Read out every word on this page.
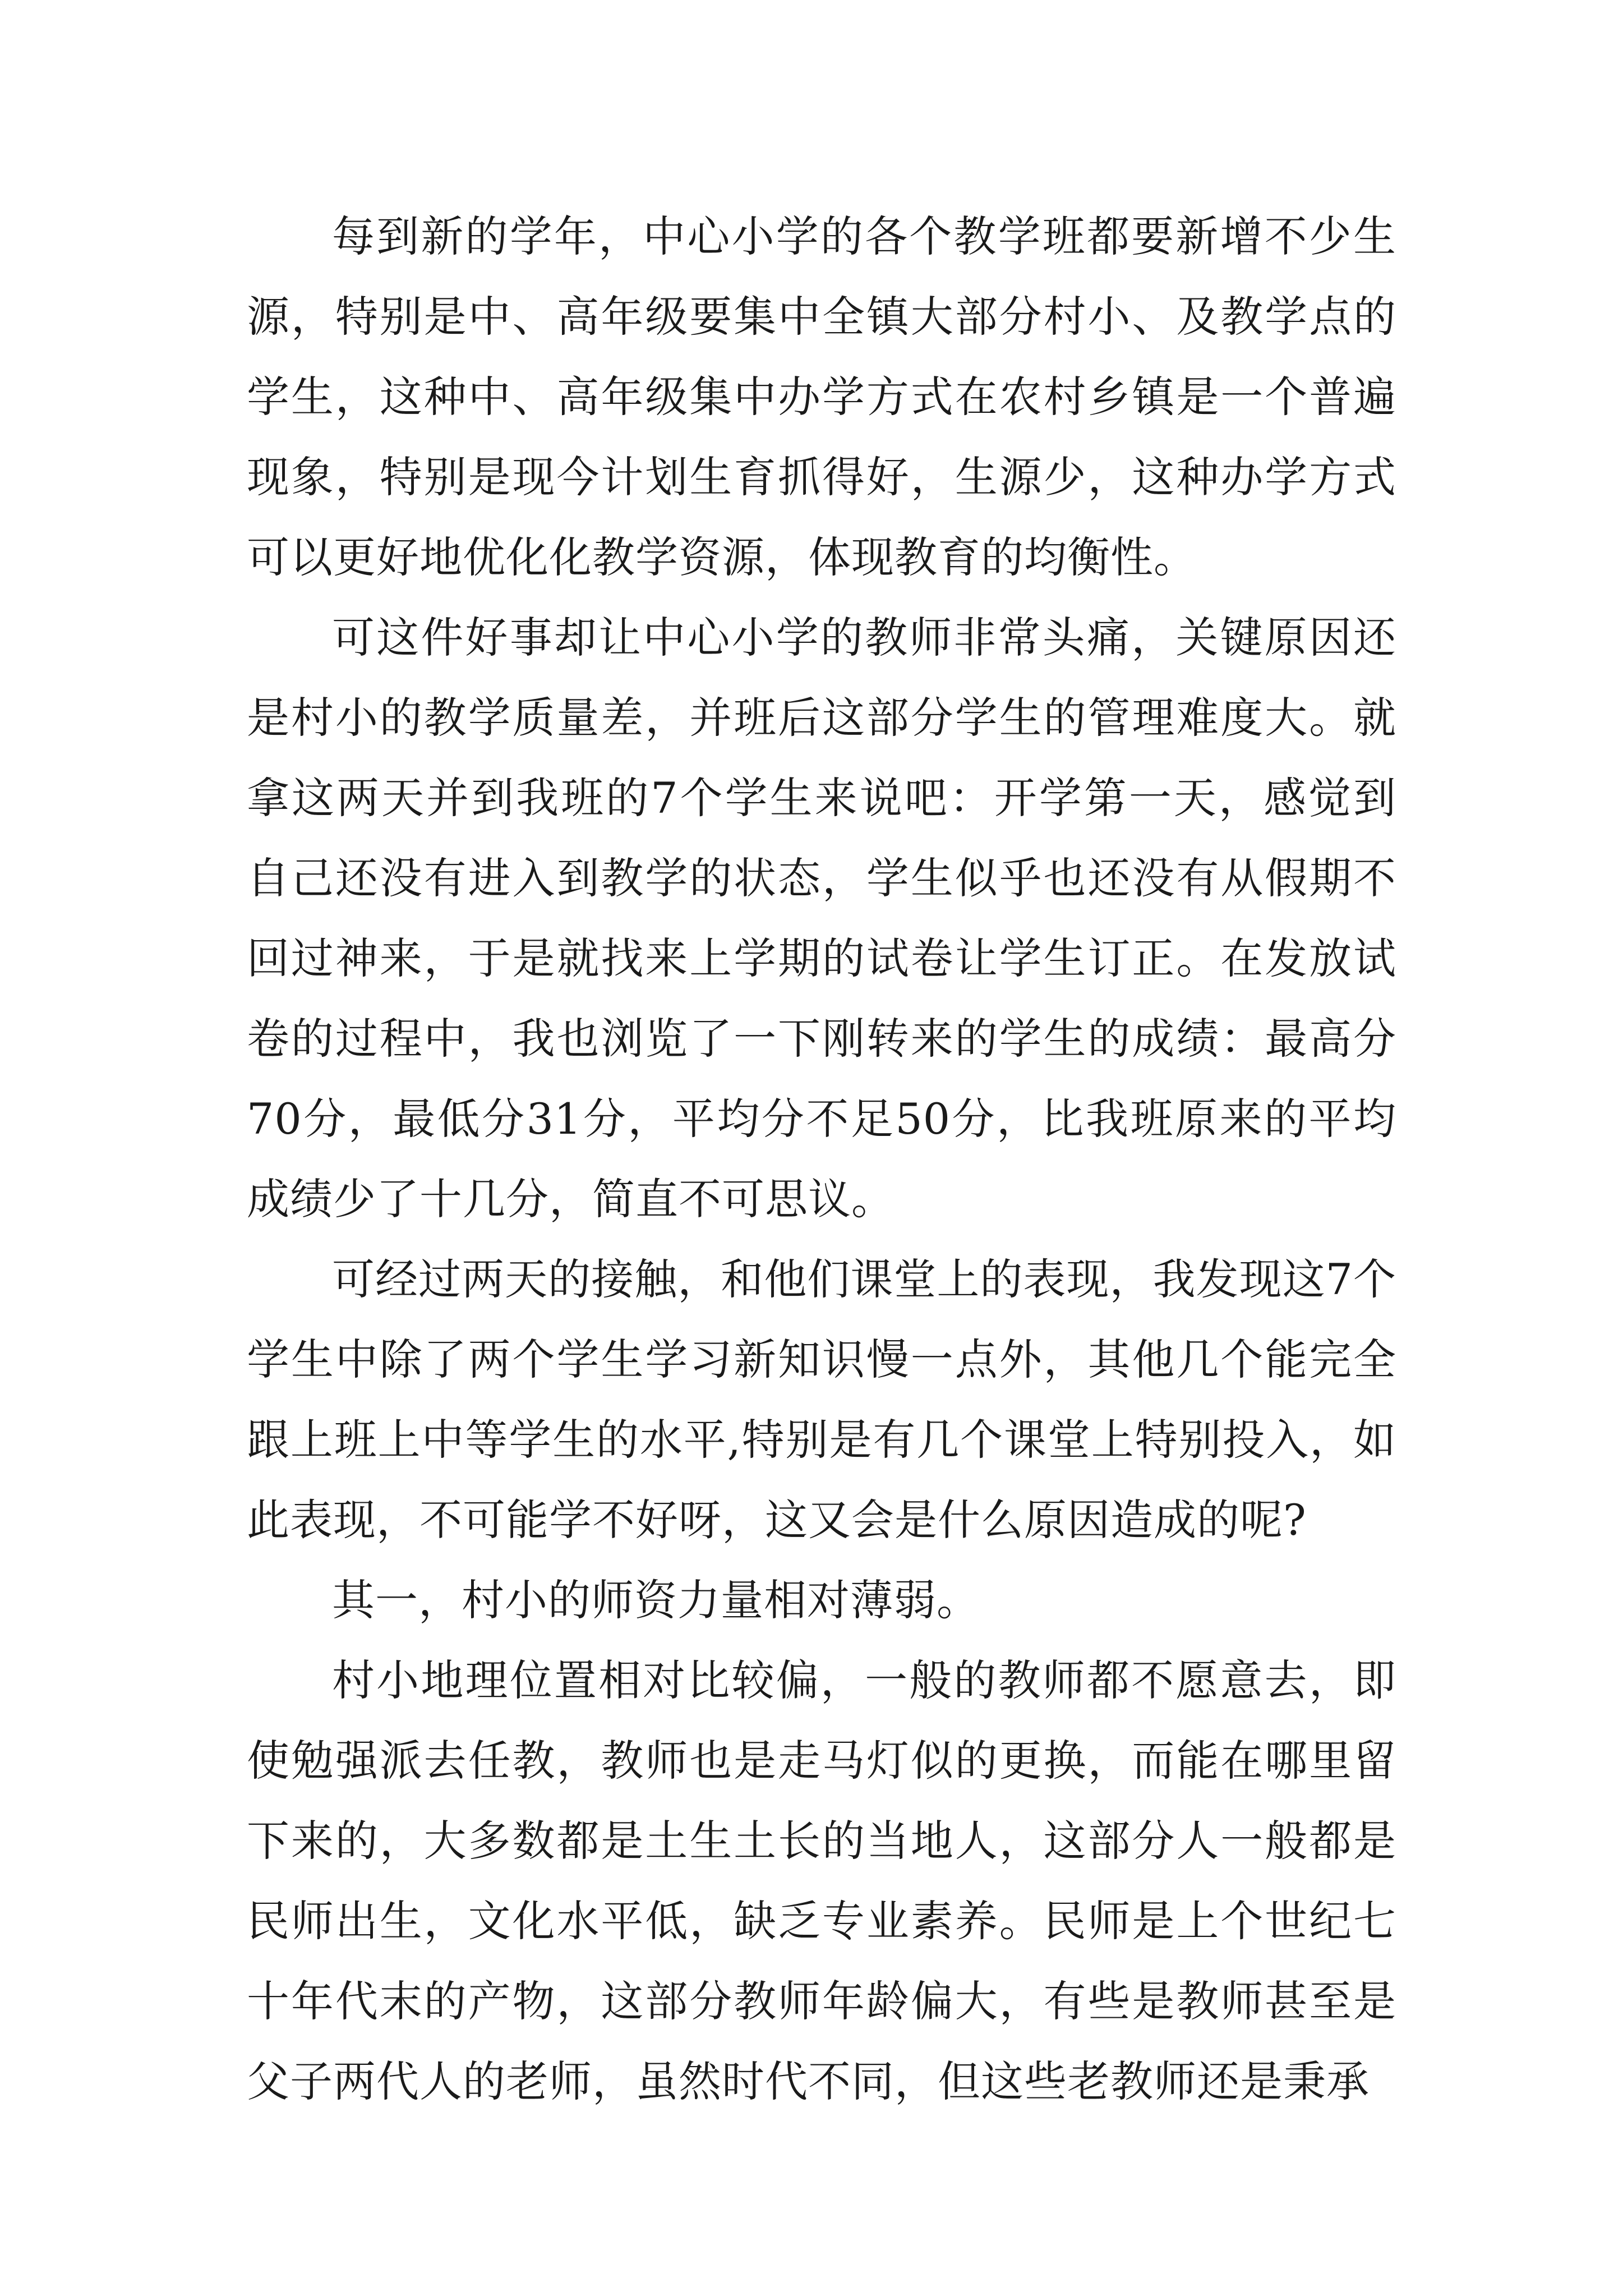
每到新的学年，中心小学的各个教学班都要新增不少生源，特别是中、高年级要集中全镇大部分村小、及教学点的学生，这种中、高年级集中办学方式在农村乡镇是一个普遍现象，特别是现今计划生育抓得好，生源少，这种办学方式可以更好地优化化教学资源，体现教育的均衡性。

可这件好事却让中心小学的教师非常头痛，关键原因还是村小的教学质量差，并班后这部分学生的管理难度大。就拿这两天并到我班的7个学生来说吧：开学第一天，感觉到自己还没有进入到教学的状态，学生似乎也还没有从假期不回过神来，于是就找来上学期的试卷让学生订正。在发放试卷的过程中，我也浏览了一下刚转来的学生的成绩：最高分70分，最低分31分，平均分不足50分，比我班原来的平均成绩少了十几分，简直不可思议。

可经过两天的接触，和他们课堂上的表现，我发现这7个学生中除了两个学生学习新知识慢一点外，其他几个能完全跟上班上中等学生的水平,特别是有几个课堂上特别投入，如此表现，不可能学不好呀，这又会是什么原因造成的呢?

其一，村小的师资力量相对薄弱。

村小地理位置相对比较偏，一般的教师都不愿意去，即使勉强派去任教，教师也是走马灯似的更换，而能在哪里留下来的，大多数都是土生土长的当地人，这部分人一般都是民师出生，文化水平低，缺乏专业素养。民师是上个世纪七十年代末的产物，这部分教师年龄偏大，有些是教师甚至是父子两代人的老师，虽然时代不同，但这些老教师还是秉承
